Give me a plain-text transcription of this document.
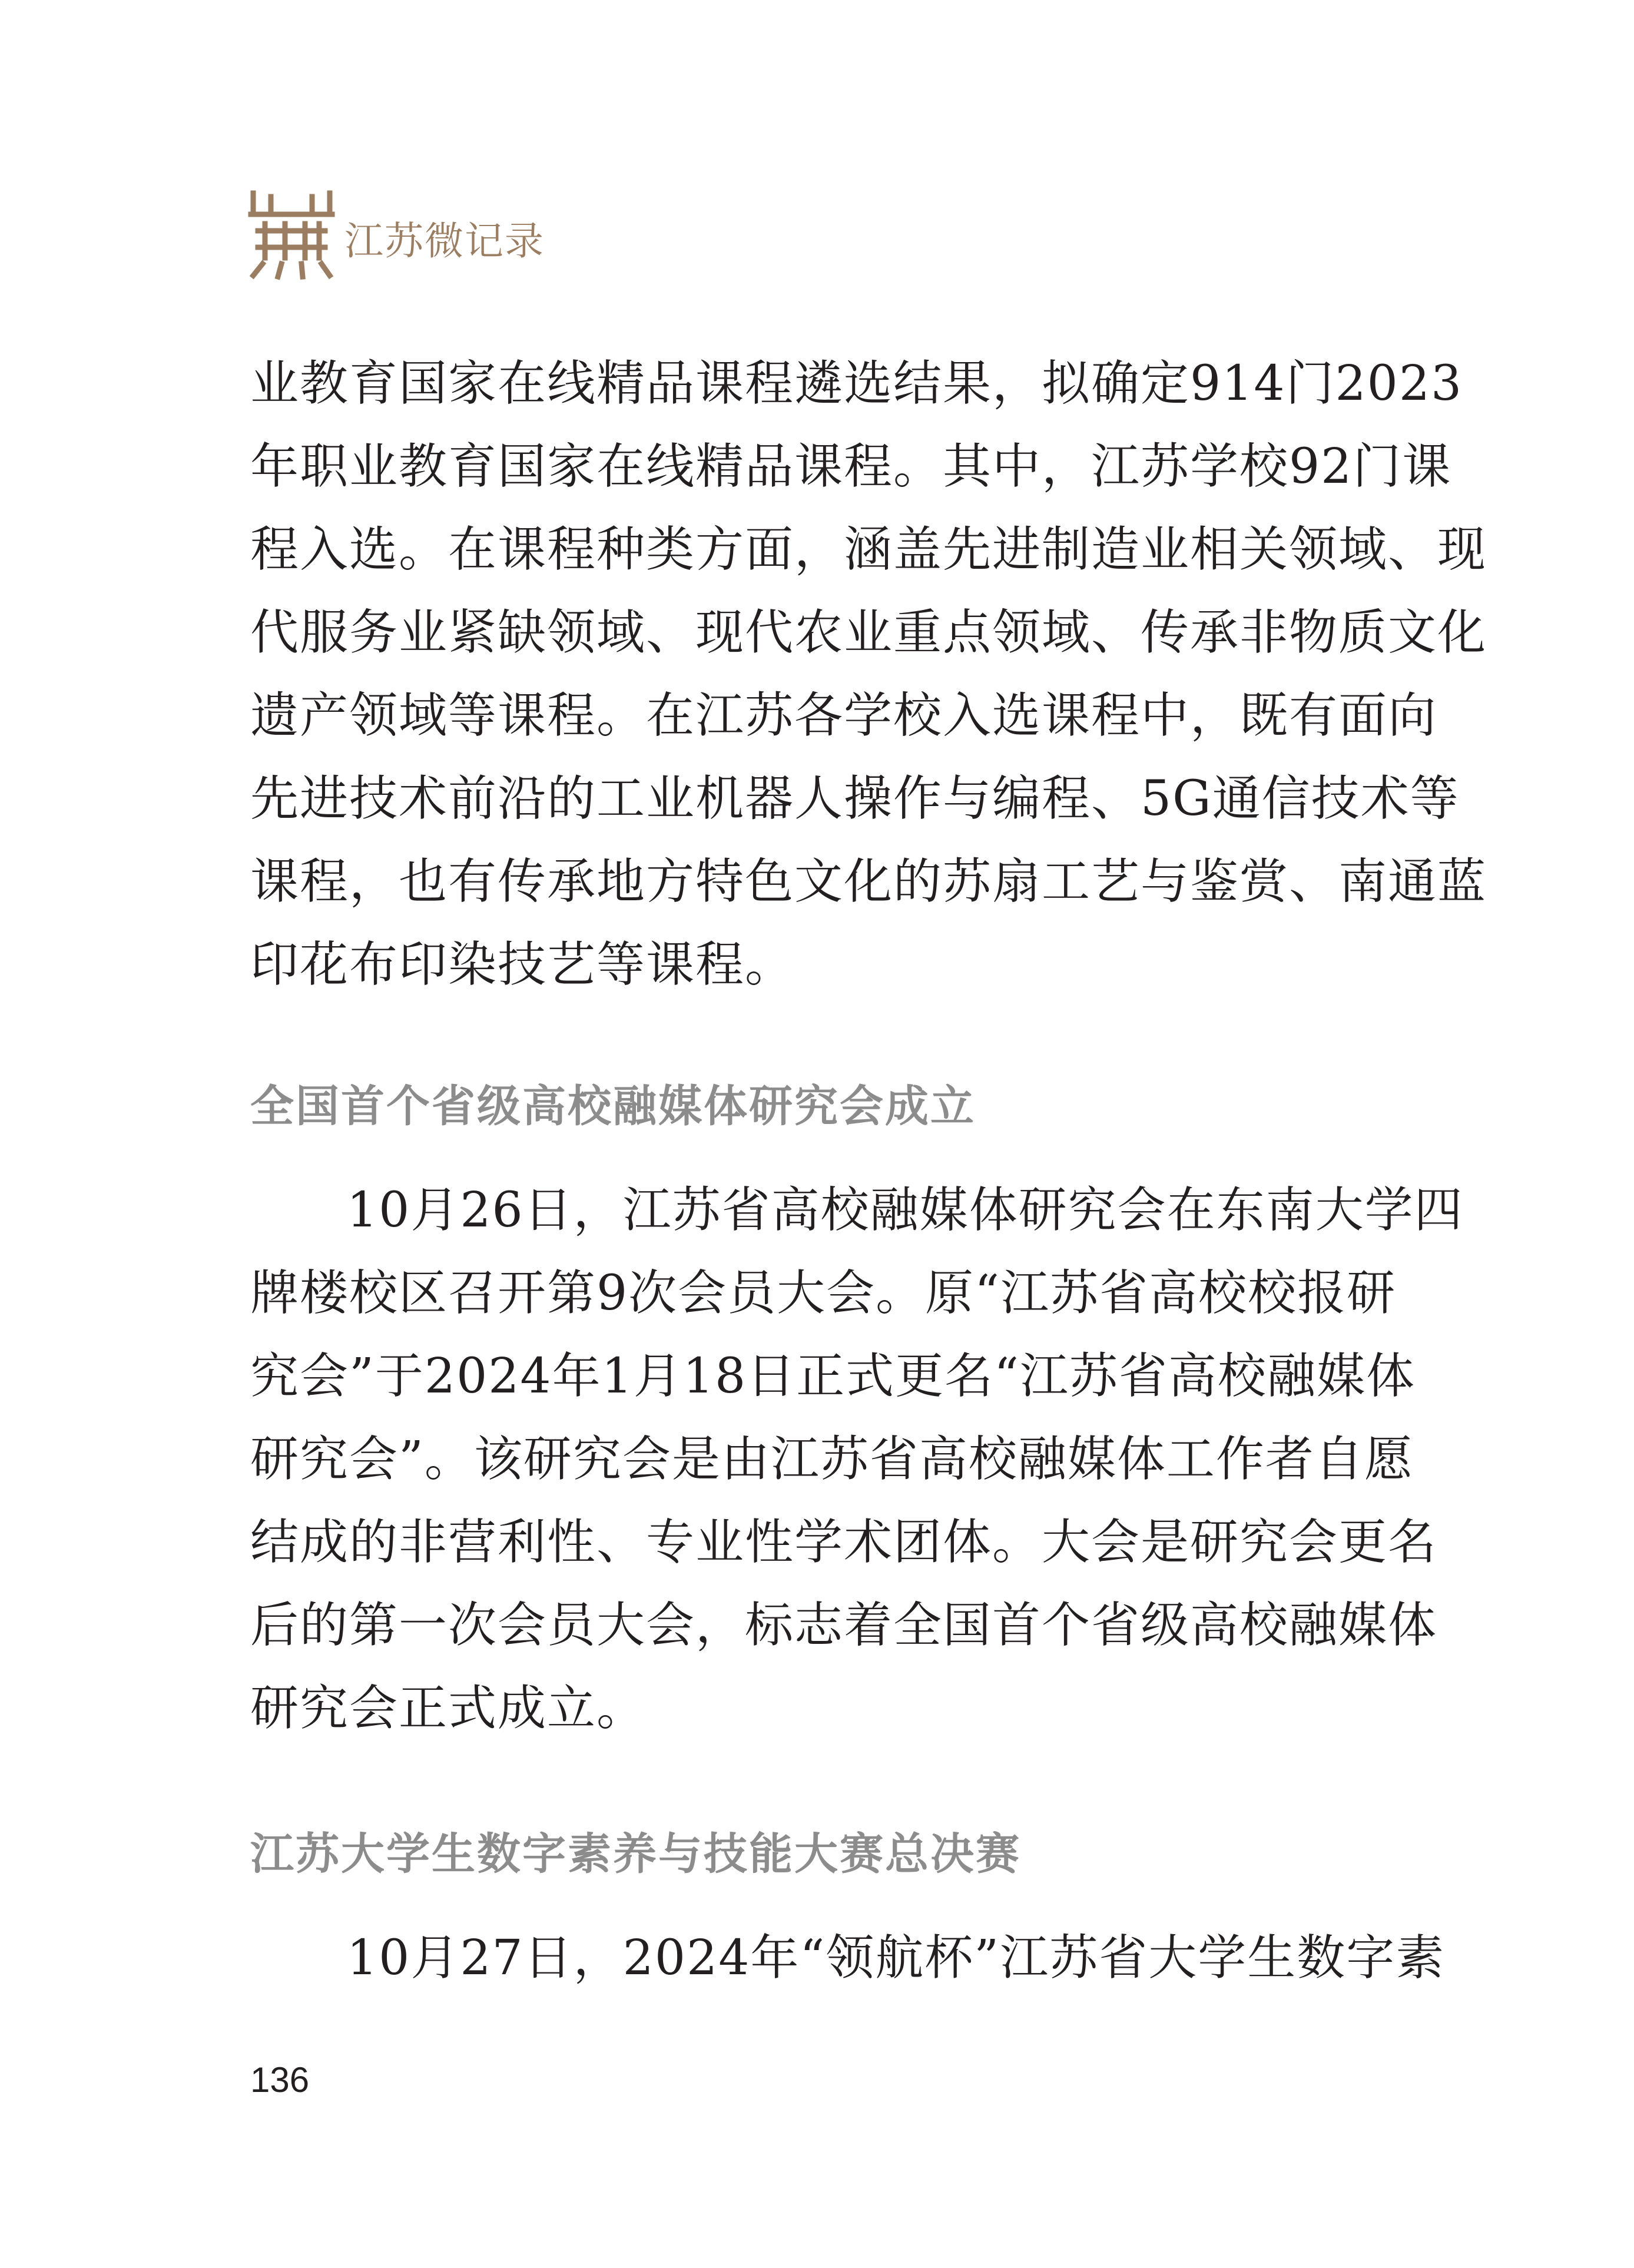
江苏微记录

业教育国家在线精品课程遴选结果，拟确定914门2023
年职业教育国家在线精品课程。其中，江苏学校92门课
程入选。在课程种类方面，涵盖先进制造业相关领域、现
代服务业紧缺领域、现代农业重点领域、传承非物质文化
遗产领域等课程。在江苏各学校入选课程中，既有面向
先进技术前沿的工业机器人操作与编程、5G通信技术等
课程，也有传承地方特色文化的苏扇工艺与鉴赏、南通蓝
印花布印染技艺等课程。

全国首个省级高校融媒体研究会成立

10月26日，江苏省高校融媒体研究会在东南大学四
牌楼校区召开第9次会员大会。原“江苏省高校校报研
究会”于2024年1月18日正式更名“江苏省高校融媒体
研究会”。该研究会是由江苏省高校融媒体工作者自愿
结成的非营利性、专业性学术团体。大会是研究会更名
后的第一次会员大会，标志着全国首个省级高校融媒体
研究会正式成立。

江苏大学生数字素养与技能大赛总决赛

10月27日，2024年“领航杯”江苏省大学生数字素

136
